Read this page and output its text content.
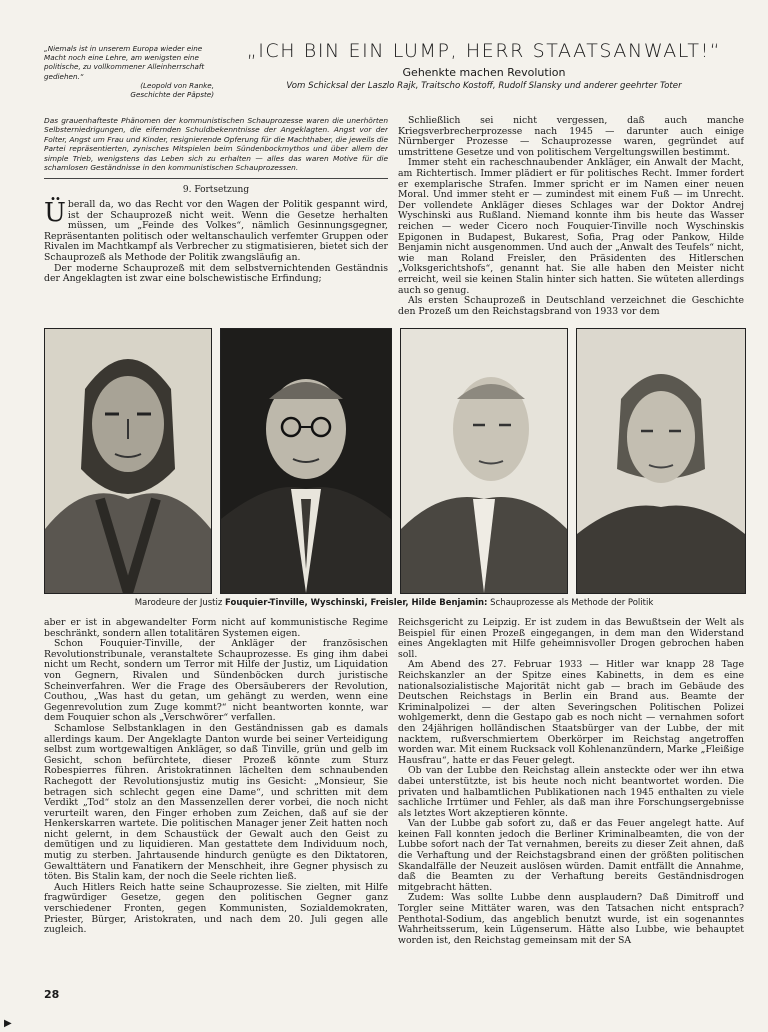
„Niemals ist in unserem Europa wieder eine Macht noch eine Lehre, am wenigsten eine politische, zu vollkommener Alleinherrschaft gediehen.“
(Leopold von Ranke,
Geschichte der Päpste)
„ICH BIN EIN LUMP, HERR STAATSANWALT!“
Gehenkte machen Revolution
Vom Schicksal der Laszlo Rajk, Traitscho Kostoff, Rudolf Slansky und anderer geehrter Toter
Das grauenhafteste Phänomen der kommunistischen Schauprozesse waren die unerhörten Selbsterniedrigungen, die eifernden Schuldbekenntnisse der Angeklagten. Angst vor der Folter, Angst um Frau und Kinder, resignierende Opferung für die Machthaber, die jeweils die Partei repräsentierten, zynisches Mitspielen beim Sündenbockmythos und über allem der simple Trieb, wenigstens das Leben sich zu erhalten — alles das waren Motive für die schamlosen Geständnisse in den kommunistischen Schauprozessen.
9. Fortsetzung

Überall da, wo das Recht vor den Wagen der Politik gespannt wird, ist der Schauprozeß nicht weit. Wenn die Gesetze herhalten müssen, um „Feinde des Volkes“, nämlich Gesinnungsgegner, Repräsentanten politisch oder weltanschaulich verfemter Gruppen oder Rivalen im Machtkampf als Verbrecher zu stigmatisieren, bietet sich der Schauprozeß als Methode der Politik zwangsläufig an.

Der moderne Schauprozeß mit dem selbstvernichtenden Geständnis der Angeklagten ist zwar eine bolschewistische Erfindung;

Schließlich sei nicht vergessen, daß auch manche Kriegsverbrecherprozesse nach 1945 — darunter auch einige Nürnberger Prozesse — Schauprozesse waren, gegründet auf umstrittene Gesetze und von politischem Vergeltungswillen bestimmt.

Immer steht ein racheschnaubender Ankläger, ein Anwalt der Macht, am Richtertisch. Immer plädiert er für politisches Recht. Immer fordert er exemplarische Strafen. Immer spricht er im Namen einer neuen Moral. Und immer steht er — zumindest mit einem Fuß — im Unrecht. Der vollendete Ankläger dieses Schlages war der Doktor Andrej Wyschinski aus Rußland. Niemand konnte ihm bis heute das Wasser reichen — weder Cicero noch Fouquier-Tinville noch Wyschinskis Epigonen in Budapest, Bukarest, Sofia, Prag oder Pankow, Hilde Benjamin nicht ausgenommen. Und auch der „Anwalt des Teufels“ nicht, wie man Roland Freisler, den Präsidenten des Hitlerschen „Volksgerichtshofs“, genannt hat. Sie alle haben den Meister nicht erreicht, weil sie keinen Stalin hinter sich hatten. Sie wüteten allerdings auch so genug.

Als ersten Schauprozeß in Deutschland verzeichnet die Geschichte den Prozeß um den Reichstagsbrand von 1933 vor dem

Marodeure der Justiz Fouquier-Tinville, Wyschinski, Freisler, Hilde Benjamin: Schauprozesse als Methode der Politik

aber er ist in abgewandelter Form nicht auf kommunistische Regime beschränkt, sondern allen totalitären Systemen eigen.

Schon Fouquier-Tinville, der Ankläger der französischen Revolutionstribunale, veranstaltete Schauprozesse. Es ging ihm dabei nicht um Recht, sondern um Terror mit Hilfe der Justiz, um Liquidation von Gegnern, Rivalen und Sündenböcken durch juristische Scheinverfahren. Wer die Frage des Obersäuberers der Revolution, Couthou, „Was hast du getan, um gehängt zu werden, wenn eine Gegenrevolution zum Zuge kommt?“ nicht beantworten konnte, war dem Fouquier schon als „Verschwörer“ verfallen.

Schamlose Selbstanklagen in den Geständnissen gab es damals allerdings kaum. Der Angeklagte Danton wurde bei seiner Verteidigung selbst zum wortgewaltigen Ankläger, so daß Tinville, grün und gelb im Gesicht, schon befürchtete, dieser Prozeß könnte zum Sturz Robespierres führen. Aristokratinnen lächelten dem schnaubenden Rachegott der Revolutionsjustiz mutig ins Gesicht: „Monsieur, Sie betragen sich schlecht gegen eine Dame“, und schritten mit dem Verdikt „Tod“ stolz an den Massenzellen derer vorbei, die noch nicht verurteilt waren, den Finger erhoben zum Zeichen, daß auf sie der Henkerskarren wartete. Die politischen Manager jener Zeit hatten noch nicht gelernt, in dem Schaustück der Gewalt auch den Geist zu demütigen und zu liquidieren. Man gestattete dem Individuum noch, mutig zu sterben. Jahrtausende hindurch genügte es den Diktatoren, Gewalttätern und Fanatikern der Menschheit, ihre Gegner physisch zu töten. Bis Stalin kam, der noch die Seele richten ließ.

Auch Hitlers Reich hatte seine Schauprozesse. Sie zielten, mit Hilfe fragwürdiger Gesetze, gegen den politischen Gegner ganz verschiedener Fronten, gegen Kommunisten, Sozialdemokraten, Priester, Bürger, Aristokraten, und nach dem 20. Juli gegen alle zugleich.

Reichsgericht zu Leipzig. Er ist zudem in das Bewußtsein der Welt als Beispiel für einen Prozeß eingegangen, in dem man den Widerstand eines Angeklagten mit Hilfe geheimnisvoller Drogen gebrochen haben soll.

Am Abend des 27. Februar 1933 — Hitler war knapp 28 Tage Reichskanzler an der Spitze eines Kabinetts, in dem es eine nationalsozialistische Majorität nicht gab — brach im Gebäude des Deutschen Reichstags in Berlin ein Brand aus. Beamte der Kriminalpolizei — der alten Severingschen Politischen Polizei wohlgemerkt, denn die Gestapo gab es noch nicht — vernahmen sofort den 24jährigen holländischen Staatsbürger van der Lubbe, der mit nacktem, rußverschmiertem Oberkörper im Reichstag angetroffen worden war. Mit einem Rucksack voll Kohlenanzündern, Marke „Fleißige Hausfrau“, hatte er das Feuer gelegt.

Ob van der Lubbe den Reichstag allein ansteckte oder wer ihn etwa dabei unterstützte, ist bis heute noch nicht beantwortet worden. Die privaten und halbamtlichen Publikationen nach 1945 enthalten zu viele sachliche Irrtümer und Fehler, als daß man ihre Forschungsergebnisse als letztes Wort akzeptieren könnte.

Van der Lubbe gab sofort zu, daß er das Feuer angelegt hatte. Auf keinen Fall konnten jedoch die Berliner Kriminalbeamten, die von der Lubbe sofort nach der Tat vernahmen, bereits zu dieser Zeit ahnen, daß die Verhaftung und der Reichstagsbrand einen der größten politischen Skandalfälle der Neuzeit auslösen würden. Damit entfällt die Annahme, daß die Beamten zu der Verhaftung bereits Geständnisdrogen mitgebracht hätten.

Zudem: Was sollte Lubbe denn ausplaudern? Daß Dimitroff und Torgler seine Mittäter waren, was den Tatsachen nicht entsprach? Penthotal-Sodium, das angeblich benutzt wurde, ist ein sogenanntes Wahrheitsserum, kein Lügenserum. Hätte also Lubbe, wie behauptet worden ist, den Reichstag gemeinsam mit der SA

28
▶
